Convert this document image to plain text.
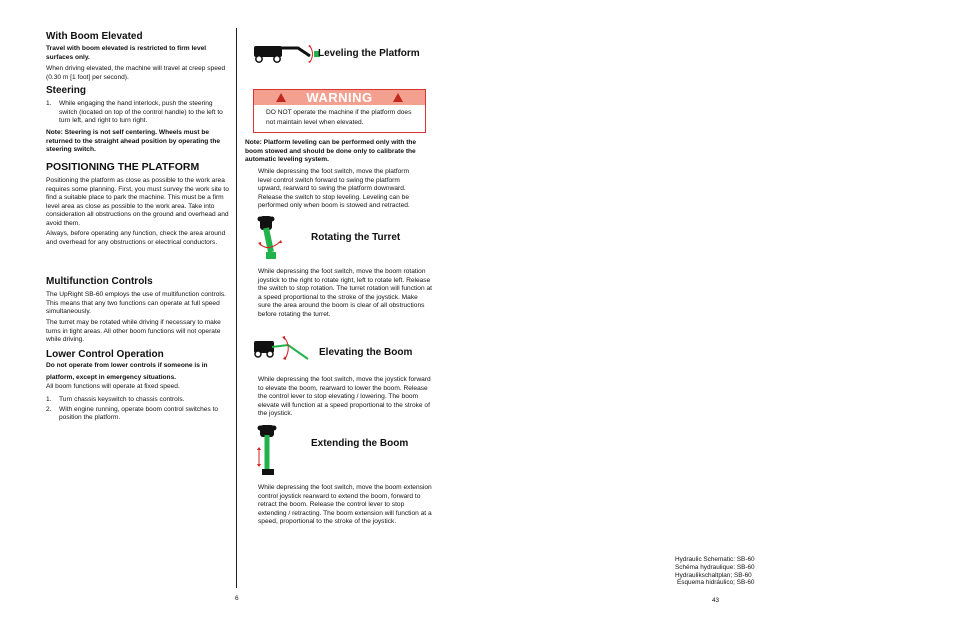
With Boom Elevated

Travel with boom elevated is restricted to firm level surfaces only.

When driving elevated, the machine will travel at creep speed (0.30 m [1 foot] per second).

Steering
1. While engaging the hand interlock, push the steering switch (located on top of the control handle) to the left to turn left, and right to turn right.

Note: Steering is not self centering. Wheels must be returned to the straight ahead position by operating the steering switch.

POSITIONING THE PLATFORM

Positioning the platform as close as possible to the work area requires some planning. First, you must survey the work site to find a suitable place to park the machine. This must be a firm level area as close as possible to the work area. Take into consideration all obstructions on the ground and overhead and avoid them.

Always, before operating any function, check the area around and overhead for any obstructions or electrical conductors.

Multifunction Controls

The UpRight SB-60 employs the use of multifunction controls. This means that any two functions can operate at full speed simultaneously.

The turret may be rotated while driving if necessary to make turns in tight areas. All other boom functions will not operate while driving.

Lower Control Operation

Do not operate from lower controls if someone is in platform, except in emergency situations.

All boom functions will operate at fixed speed.

1. Turn chassis keyswitch to chassis controls.
2. With engine running, operate boom control switches to position the platform.
6
Leveling the Platform
WARNING
DO NOT operate the machine if the platform does not maintain level when elevated.

Note: Platform leveling can be performed only with the boom stowed and should be done only to calibrate the automatic leveling system.

While depressing the foot switch, move the platform level control switch forward to swing the platform upward, rearward to swing the platform downward. Release the switch to stop leveling. Leveling can be performed only when boom is stowed and retracted.

Rotating the Turret

While depressing the foot switch, move the boom rotation joystick to the right to rotate right, left to rotate left. Release the switch to stop rotation. The turret rotation will function at a speed proportional to the stroke of the joystick. Make sure the area around the boom is clear of all obstructions before rotating the turret.

Elevating the Boom

While depressing the foot switch, move the joystick forward to elevate the boom, rearward to lower the boom. Release the control lever to stop elevating / lowering. The boom elevate will function at a speed proportional to the stroke of the joystick.

Extending the Boom

While depressing the foot switch, move the boom extension control joystick rearward to extend the boom, forward to retract the boom. Release the control lever to stop extending / retracting. The boom extension will function at a speed, proportional to the stroke of the joystick.

Hydraulic Schematic: SB-60
Schéma hydraulique: SB-60
Hydraulikschaltplan; SB-60
Esquema hidráulico; SB-60
43
